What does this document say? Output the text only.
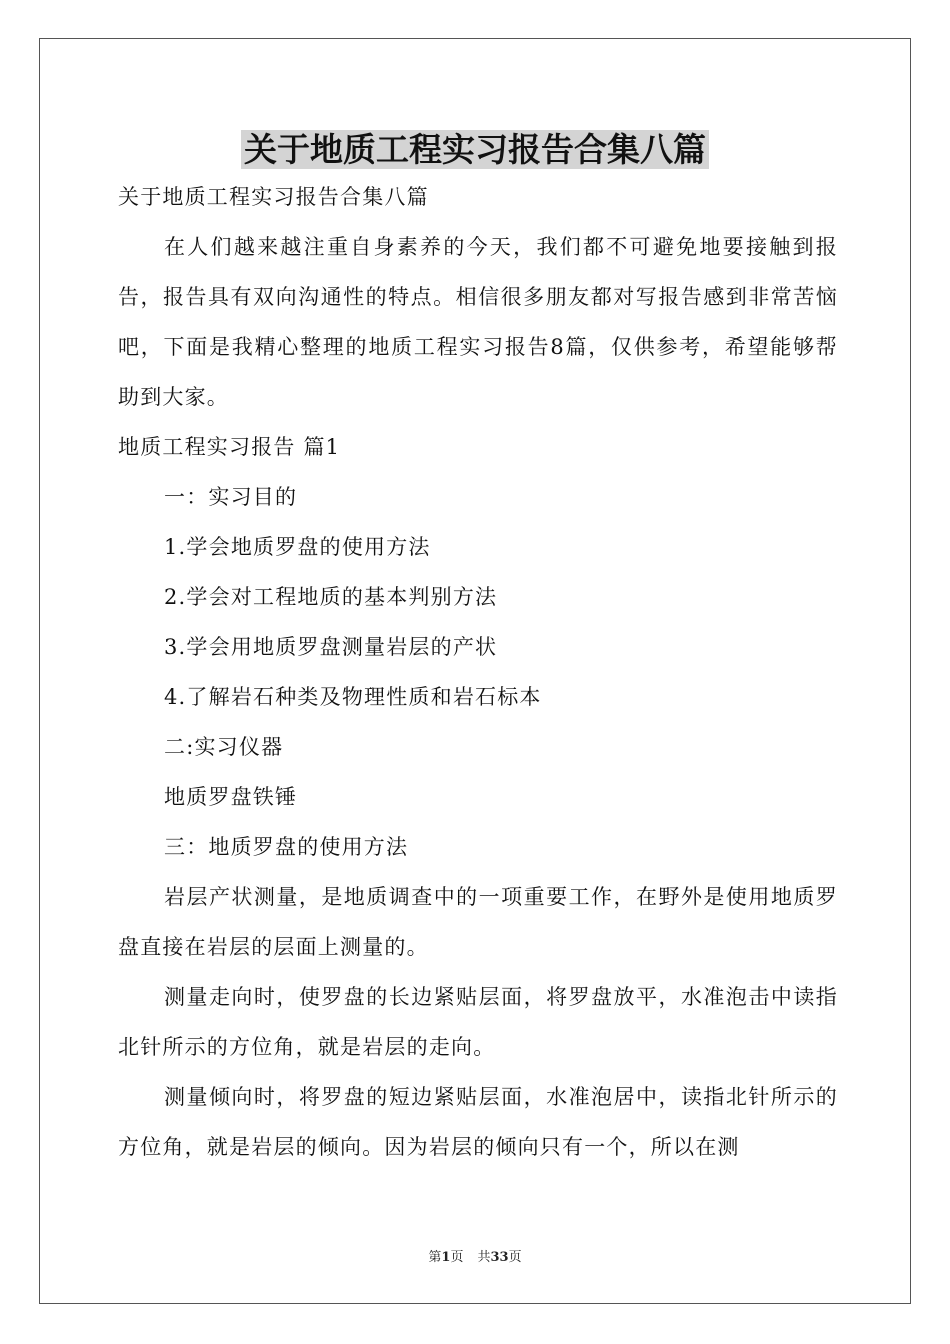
关于地质工程实习报告合集八篇

关于地质工程实习报告合集八篇

在人们越来越注重自身素养的今天，我们都不可避免地要接触到报告，报告具有双向沟通性的特点。相信很多朋友都对写报告感到非常苦恼吧，下面是我精心整理的地质工程实习报告8篇，仅供参考，希望能够帮助到大家。

地质工程实习报告 篇1

一：实习目的

1.学会地质罗盘的使用方法

2.学会对工程地质的基本判别方法

3.学会用地质罗盘测量岩层的产状

4.了解岩石种类及物理性质和岩石标本

二:实习仪器

地质罗盘铁锤

三：地质罗盘的使用方法

岩层产状测量，是地质调查中的一项重要工作，在野外是使用地质罗盘直接在岩层的层面上测量的。

测量走向时，使罗盘的长边紧贴层面，将罗盘放平，水准泡击中读指北针所示的方位角，就是岩层的走向。

测量倾向时，将罗盘的短边紧贴层面，水准泡居中，读指北针所示的方位角，就是岩层的倾向。因为岩层的倾向只有一个，所以在测

第1页 共33页
